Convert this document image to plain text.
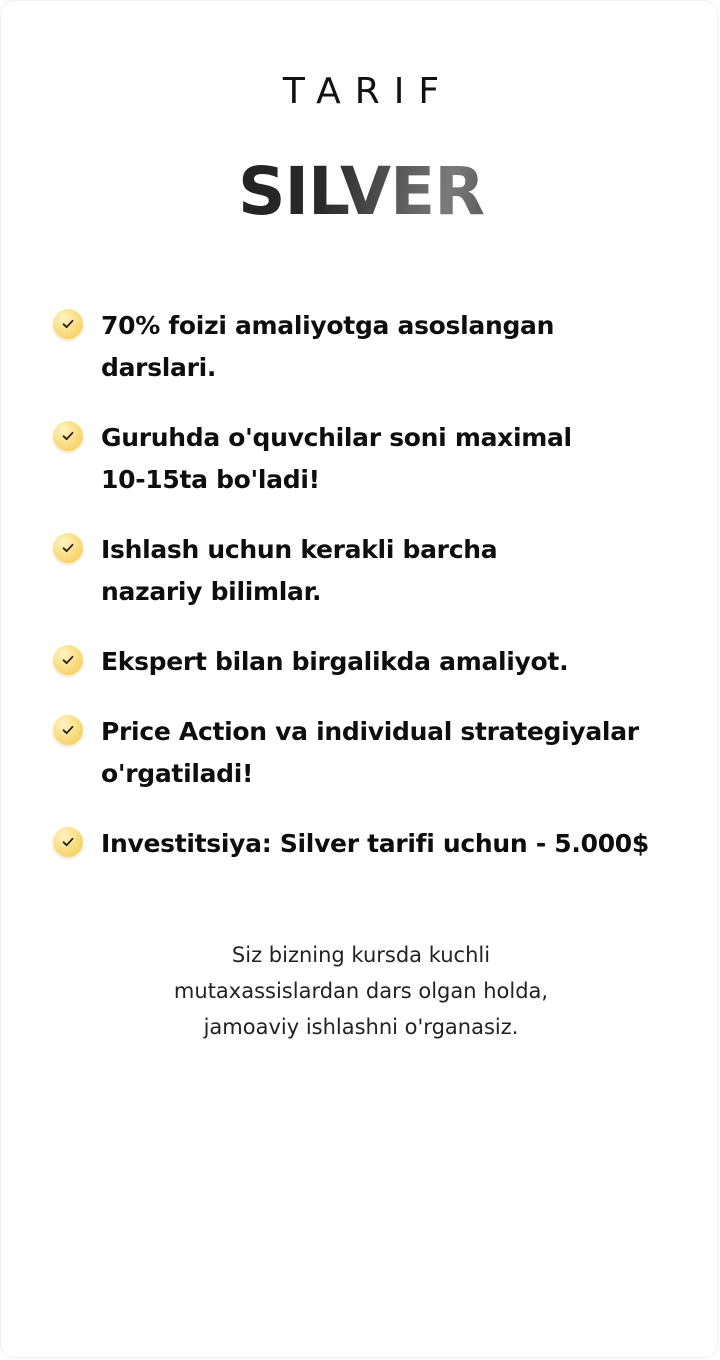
TARIF
SILVER
70% foizi amaliyotga asoslangan
darslari.
Guruhda o'quvchilar soni maximal
10-15ta bo'ladi!
Ishlash uchun kerakli barcha
nazariy bilimlar.
Ekspert bilan birgalikda amaliyot.
Price Action va individual strategiyalar
o'rgatiladi!
Investitsiya: Silver tarifi uchun - 5.000$
Siz bizning kursda kuchli
mutaxassislardan dars olgan holda,
jamoaviy ishlashni o'rganasiz.
